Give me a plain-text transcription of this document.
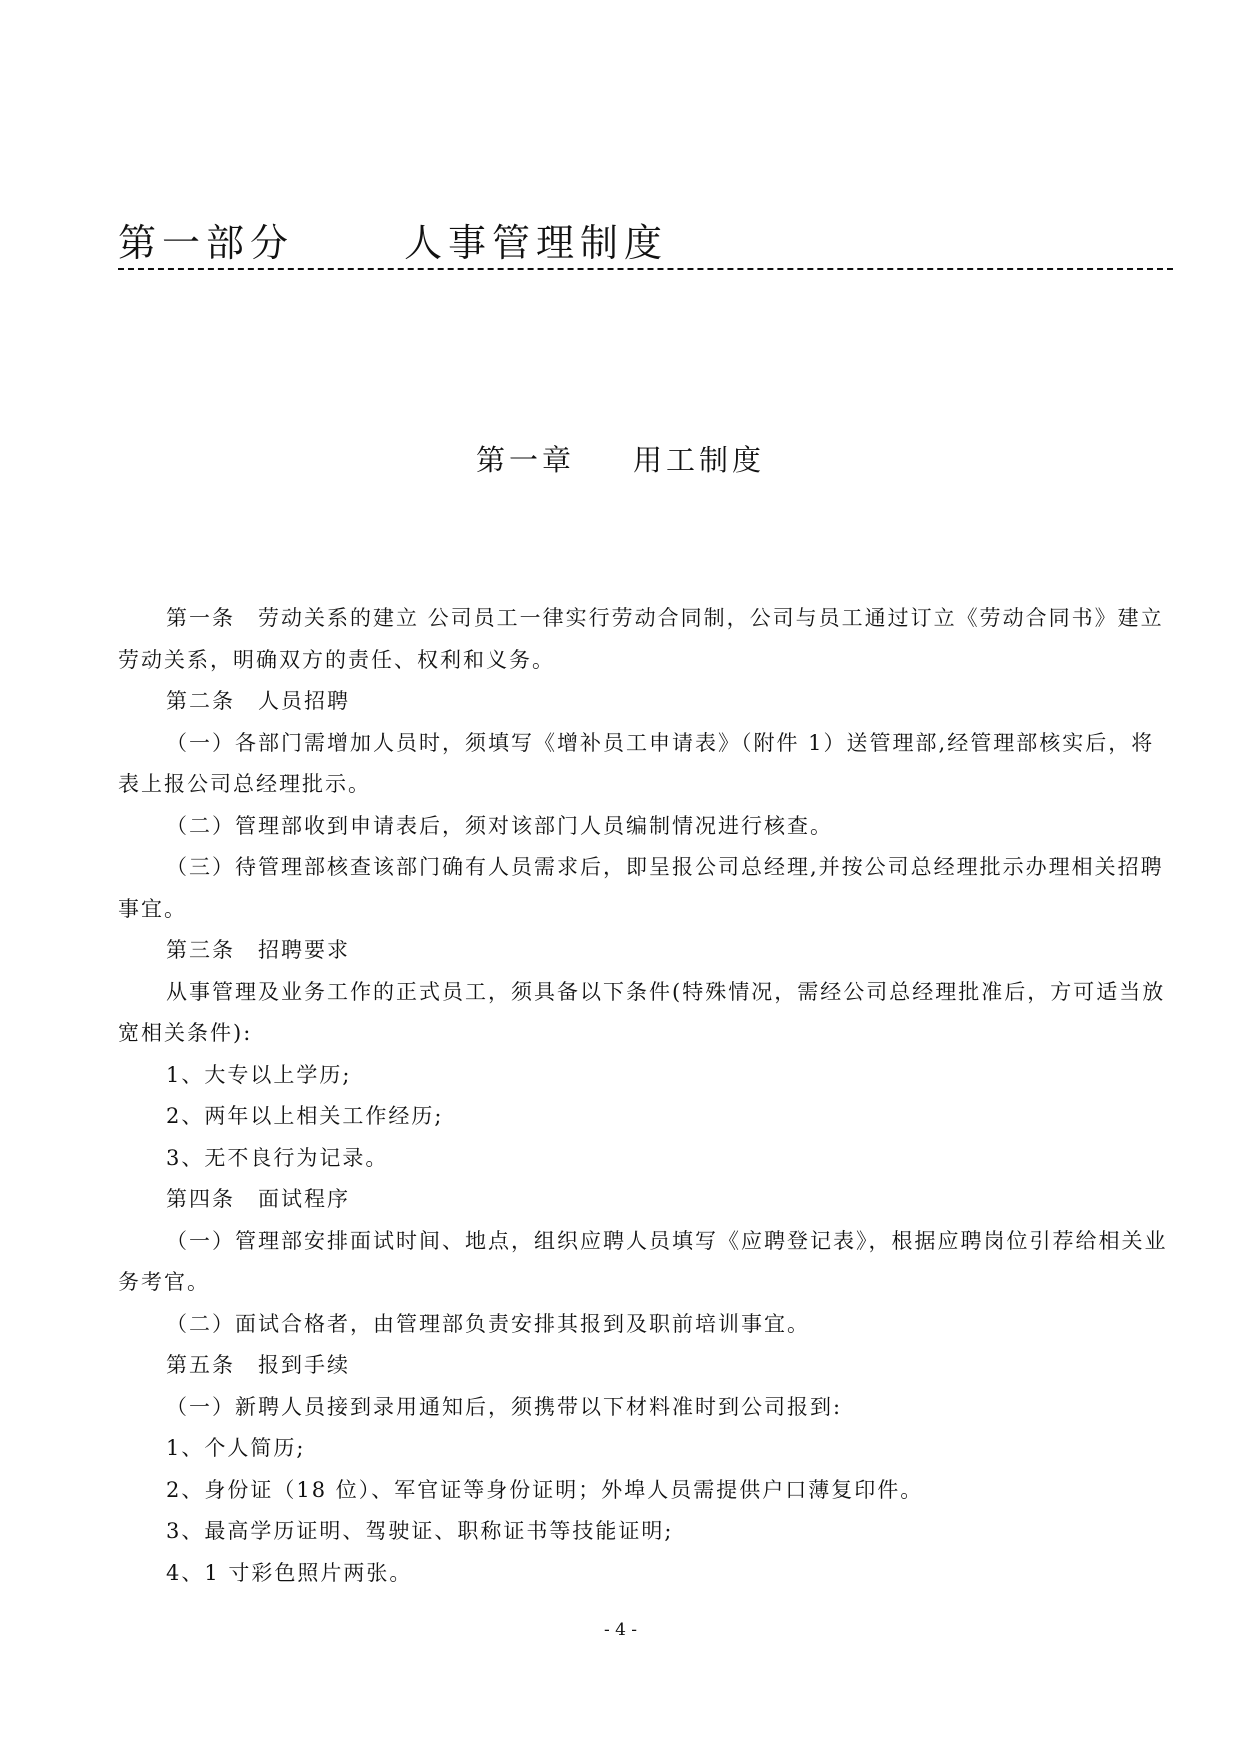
第一部分	人事管理制度
第一章 用工制度

第一条　劳动关系的建立 公司员工一律实行劳动合同制，公司与员工通过订立《劳动合同书》建立劳动关系，明确双方的责任、权利和义务。

第二条　人员招聘

（一）各部门需增加人员时，须填写《增补员工申请表》（附件 1）送管理部,经管理部核实后，将表上报公司总经理批示。

（二）管理部收到申请表后，须对该部门人员编制情况进行核查。

（三）待管理部核查该部门确有人员需求后，即呈报公司总经理,并按公司总经理批示办理相关招聘事宜。

第三条　招聘要求

从事管理及业务工作的正式员工，须具备以下条件(特殊情况，需经公司总经理批准后，方可适当放宽相关条件):

1、大专以上学历;

2、两年以上相关工作经历;

3、无不良行为记录。

第四条　面试程序

（一）管理部安排面试时间、地点，组织应聘人员填写《应聘登记表》，根据应聘岗位引荐给相关业务考官。

（二）面试合格者，由管理部负责安排其报到及职前培训事宜。

第五条　报到手续

（一）新聘人员接到录用通知后，须携带以下材料准时到公司报到:

1、个人简历;

2、身份证（18 位）、军官证等身份证明；外埠人员需提供户口薄复印件。

3、最高学历证明、驾驶证、职称证书等技能证明;

4、1 寸彩色照片两张。

- 4 -
